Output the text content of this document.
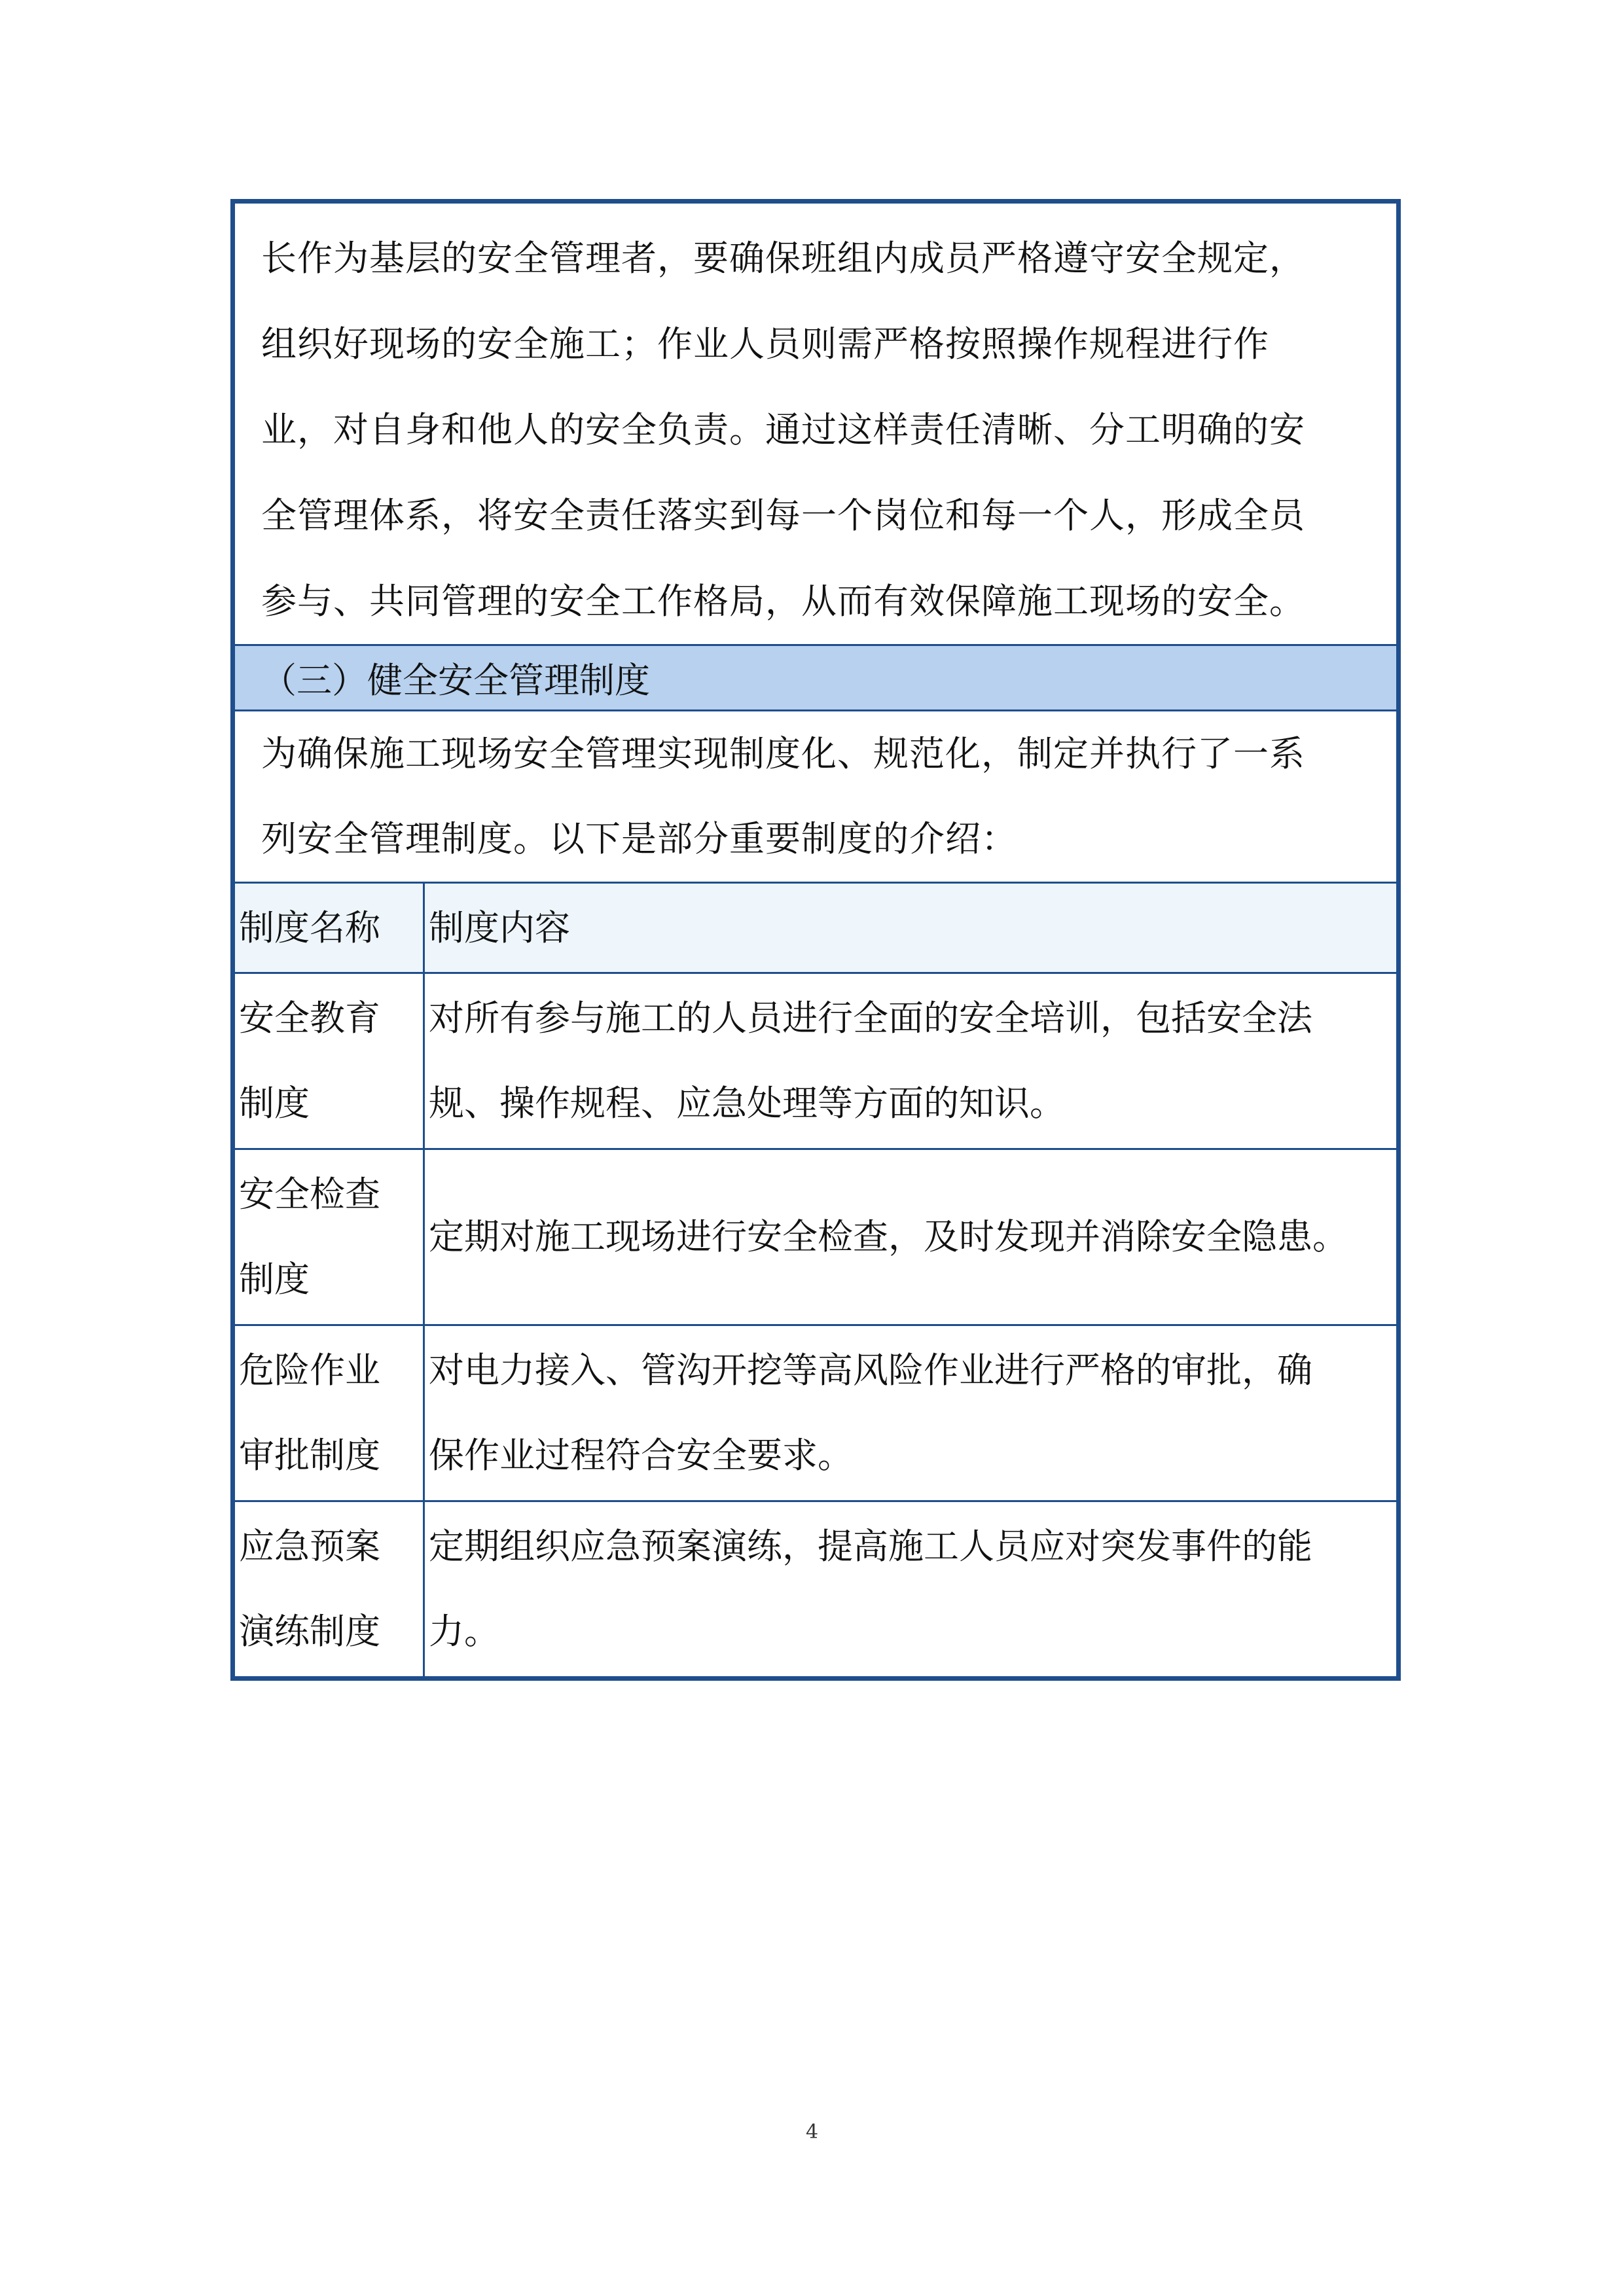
长作为基层的安全管理者，要确保班组内成员严格遵守安全规定，
组织好现场的安全施工；作业人员则需严格按照操作规程进行作
业，对自身和他人的安全负责。通过这样责任清晰、分工明确的安
全管理体系，将安全责任落实到每一个岗位和每一个人，形成全员
参与、共同管理的安全工作格局，从而有效保障施工现场的安全。
（三）健全安全管理制度
为确保施工现场安全管理实现制度化、规范化，制定并执行了一系
列安全管理制度。以下是部分重要制度的介绍：
制度名称	制度内容
安全教育
制度
对所有参与施工的人员进行全面的安全培训，包括安全法
规、操作规程、应急处理等方面的知识。
安全检查
制度
定期对施工现场进行安全检查，及时发现并消除安全隐患。
危险作业
审批制度
对电力接入、管沟开挖等高风险作业进行严格的审批，确
保作业过程符合安全要求。
应急预案
演练制度
定期组织应急预案演练，提高施工人员应对突发事件的能
力。
4
